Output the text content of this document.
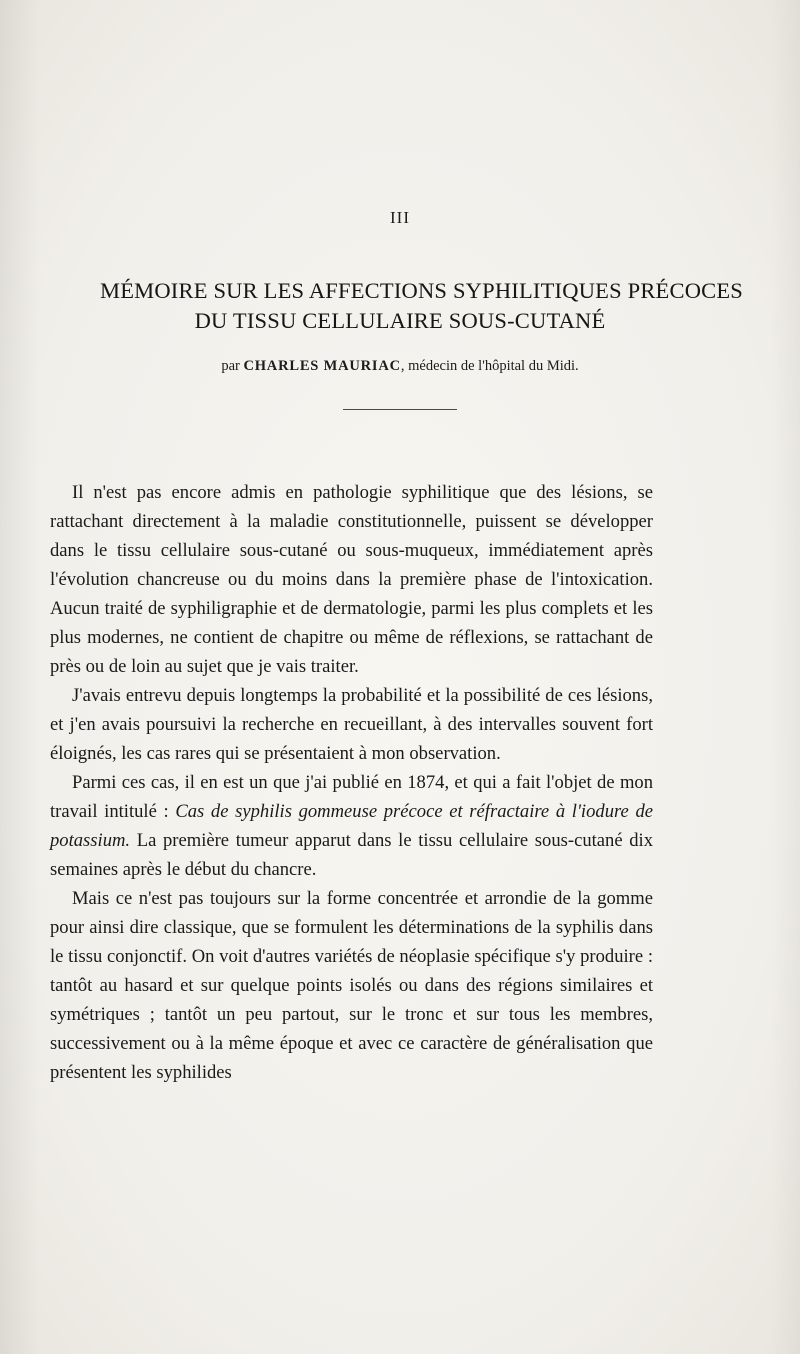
III
MÉMOIRE SUR LES AFFECTIONS SYPHILITIQUES PRÉCOCES
DU TISSU CELLULAIRE SOUS-CUTANÉ

par CHARLES MAURIAC, médecin de l'hôpital du Midi.

Il n'est pas encore admis en pathologie syphilitique que des lésions, se rattachant directement à la maladie constitutionnelle, puissent se développer dans le tissu cellulaire sous-cutané ou sous-muqueux, immédiatement après l'évolution chancreuse ou du moins dans la première phase de l'intoxication. Aucun traité de syphiligraphie et de dermatologie, parmi les plus complets et les plus modernes, ne contient de chapitre ou même de réflexions, se rattachant de près ou de loin au sujet que je vais traiter.

J'avais entrevu depuis longtemps la probabilité et la possibilité de ces lésions, et j'en avais poursuivi la recherche en recueillant, à des intervalles souvent fort éloignés, les cas rares qui se présentaient à mon observation.

Parmi ces cas, il en est un que j'ai publié en 1874, et qui a fait l'objet de mon travail intitulé : Cas de syphilis gommeuse précoce et réfractaire à l'iodure de potassium. La première tumeur apparut dans le tissu cellulaire sous-cutané dix semaines après le début du chancre.

Mais ce n'est pas toujours sur la forme concentrée et arrondie de la gomme pour ainsi dire classique, que se formulent les déterminations de la syphilis dans le tissu conjonctif. On voit d'autres variétés de néoplasie spécifique s'y produire : tantôt au hasard et sur quelque points isolés ou dans des régions similaires et symétriques ; tantôt un peu partout, sur le tronc et sur tous les membres, successivement ou à la même époque et avec ce caractère de généralisation que présentent les syphilides
